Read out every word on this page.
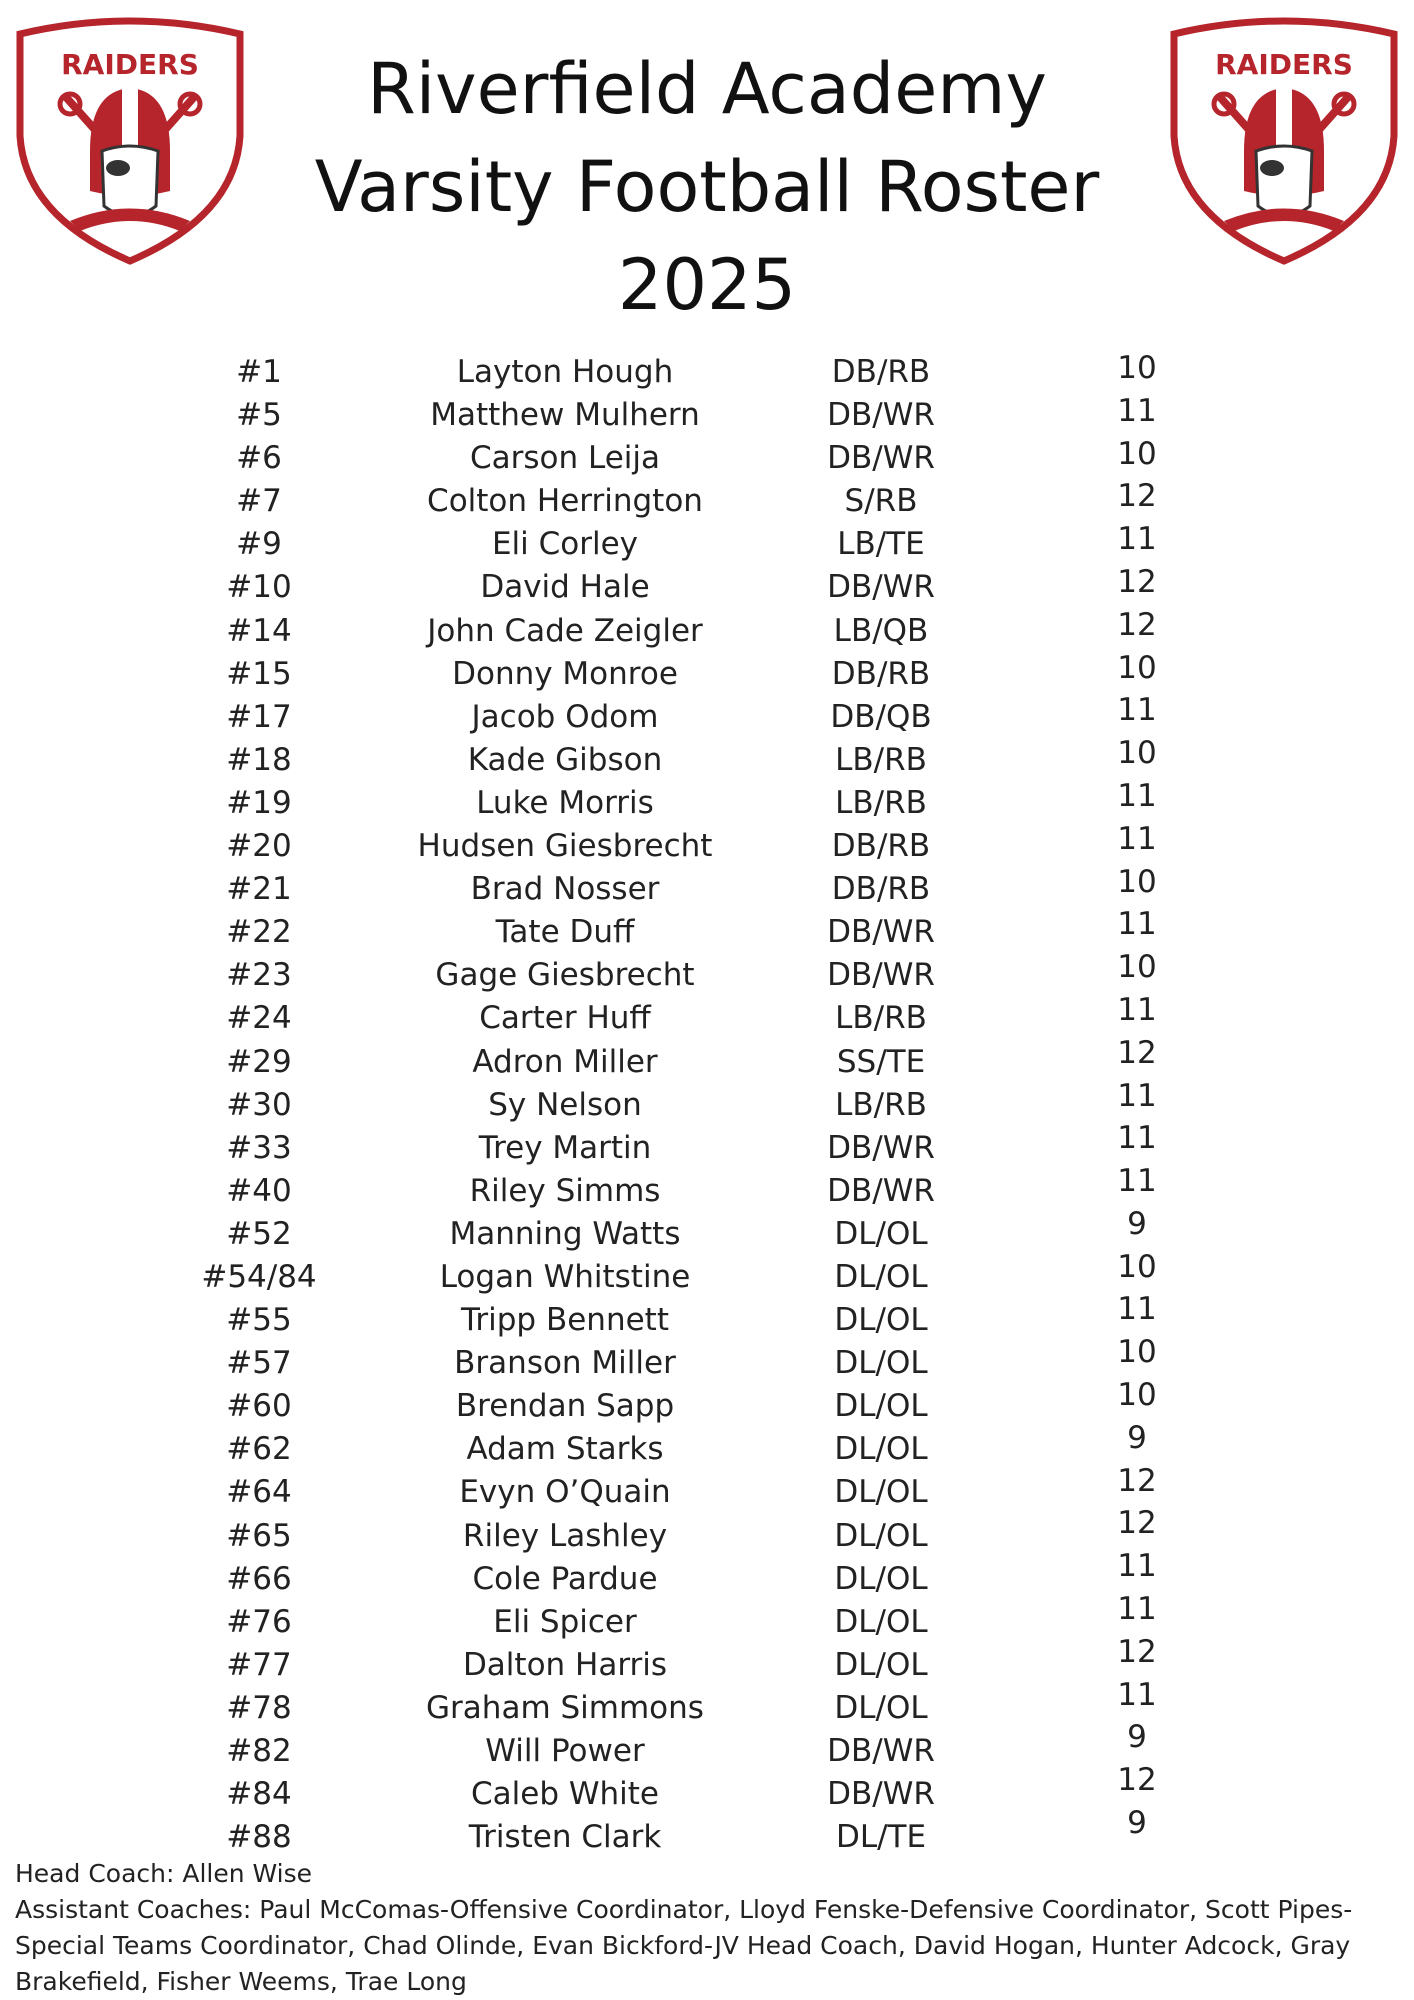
RAIDERS	RAIDERS
Riverfield Academy
Varsity Football Roster
2025
#1	Layton Hough	DB/RB	10
#5	Matthew Mulhern	DB/WR	11
#6	Carson Leija	DB/WR	10
#7	Colton Herrington	S/RB	12
#9	Eli Corley	LB/TE	11
#10	David Hale	DB/WR	12
#14	John Cade Zeigler	LB/QB	12
#15	Donny Monroe	DB/RB	10
#17	Jacob Odom	DB/QB	11
#18	Kade Gibson	LB/RB	10
#19	Luke Morris	LB/RB	11
#20	Hudsen Giesbrecht	DB/RB	11
#21	Brad Nosser	DB/RB	10
#22	Tate Duff	DB/WR	11
#23	Gage Giesbrecht	DB/WR	10
#24	Carter Huff	LB/RB	11
#29	Adron Miller	SS/TE	12
#30	Sy Nelson	LB/RB	11
#33	Trey Martin	DB/WR	11
#40	Riley Simms	DB/WR	11
#52	Manning Watts	DL/OL	9
#54/84	Logan Whitstine	DL/OL	10
#55	Tripp Bennett	DL/OL	11
#57	Branson Miller	DL/OL	10
#60	Brendan Sapp	DL/OL	10
#62	Adam Starks	DL/OL	9
#64	Evyn O’Quain	DL/OL	12
#65	Riley Lashley	DL/OL	12
#66	Cole Pardue	DL/OL	11
#76	Eli Spicer	DL/OL	11
#77	Dalton Harris	DL/OL	12
#78	Graham Simmons	DL/OL	11
#82	Will Power	DB/WR	9
#84	Caleb White	DB/WR	12
#88	Tristen Clark	DL/TE	9
Head Coach: Allen Wise
Assistant Coaches: Paul McComas-Offensive Coordinator, Lloyd Fenske-Defensive Coordinator, Scott Pipes-Special Teams Coordinator, Chad Olinde, Evan Bickford-JV Head Coach, David Hogan, Hunter Adcock, Gray Brakefield, Fisher Weems, Trae Long
